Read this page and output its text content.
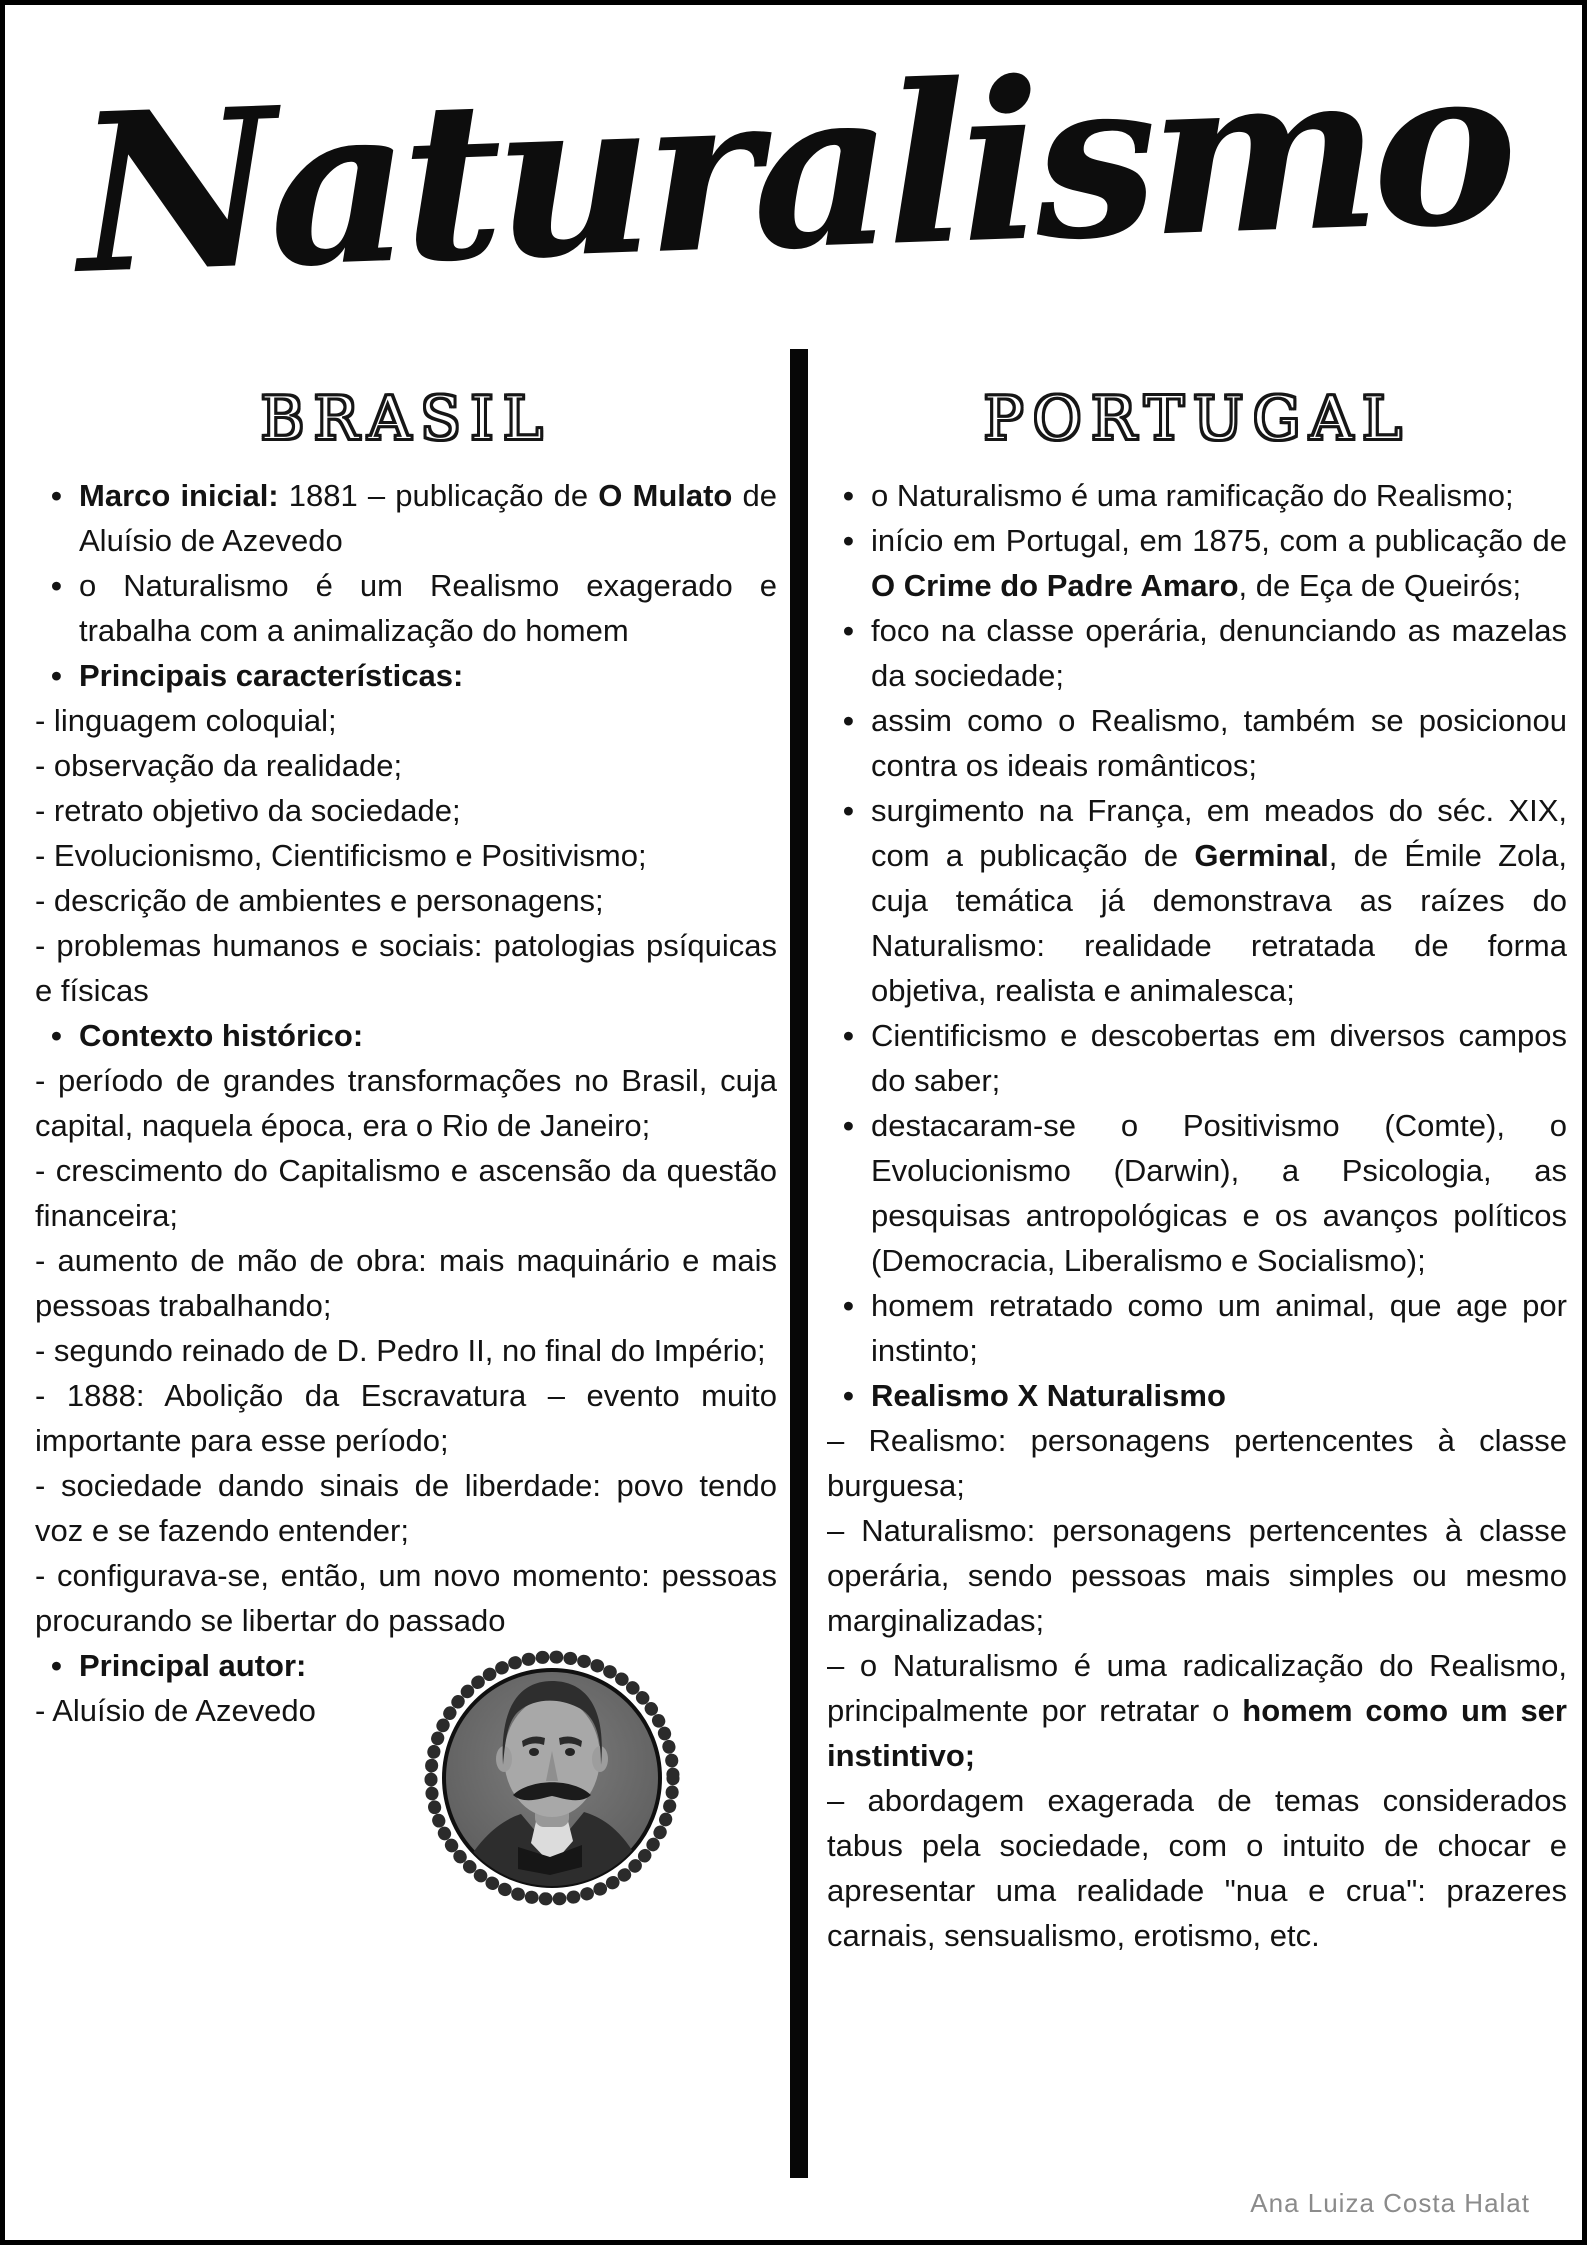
Naturalismo
BRASIL
• Marco inicial: 1881 – publicação de O Mulato de Aluísio de Azevedo
• o Naturalismo é um Realismo exagerado e trabalha com a animalização do homem
• Principais características:
- linguagem coloquial;
- observação da realidade;
- retrato objetivo da sociedade;
- Evolucionismo, Cientificismo e Positivismo;
- descrição de ambientes e personagens;
- problemas humanos e sociais: patologias psíquicas e físicas
• Contexto histórico:
- período de grandes transformações no Brasil, cuja capital, naquela época, era o Rio de Janeiro;
- crescimento do Capitalismo e ascensão da questão financeira;
- aumento de mão de obra: mais maquinário e mais pessoas trabalhando;
- segundo reinado de D. Pedro II, no final do Império;
- 1888: Abolição da Escravatura – evento muito importante para esse período;
- sociedade dando sinais de liberdade: povo tendo voz e se fazendo entender;
- configurava-se, então, um novo momento: pessoas procurando se libertar do passado
• Principal autor:
- Aluísio de Azevedo
PORTUGAL
• o Naturalismo é uma ramificação do Realismo;
• início em Portugal, em 1875, com a publicação de O Crime do Padre Amaro, de Eça de Queirós;
• foco na classe operária, denunciando as mazelas da sociedade;
• assim como o Realismo, também se posicionou contra os ideais românticos;
• surgimento na França, em meados do séc. XIX, com a publicação de Germinal, de Émile Zola, cuja temática já demonstrava as raízes do Naturalismo: realidade retratada de forma objetiva, realista e animalesca;
• Cientificismo e descobertas em diversos campos do saber;
• destacaram-se o Positivismo (Comte), o Evolucionismo (Darwin), a Psicologia, as pesquisas antropológicas e os avanços políticos (Democracia, Liberalismo e Socialismo);
• homem retratado como um animal, que age por instinto;
• Realismo X Naturalismo
– Realismo: personagens pertencentes à classe burguesa;
– Naturalismo: personagens pertencentes à classe operária, sendo pessoas mais simples ou mesmo marginalizadas;
– o Naturalismo é uma radicalização do Realismo, principalmente por retratar o homem como um ser instintivo;
– abordagem exagerada de temas considerados tabus pela sociedade, com o intuito de chocar e apresentar uma realidade "nua e crua": prazeres carnais, sensualismo, erotismo, etc.
Ana Luiza Costa Halat
